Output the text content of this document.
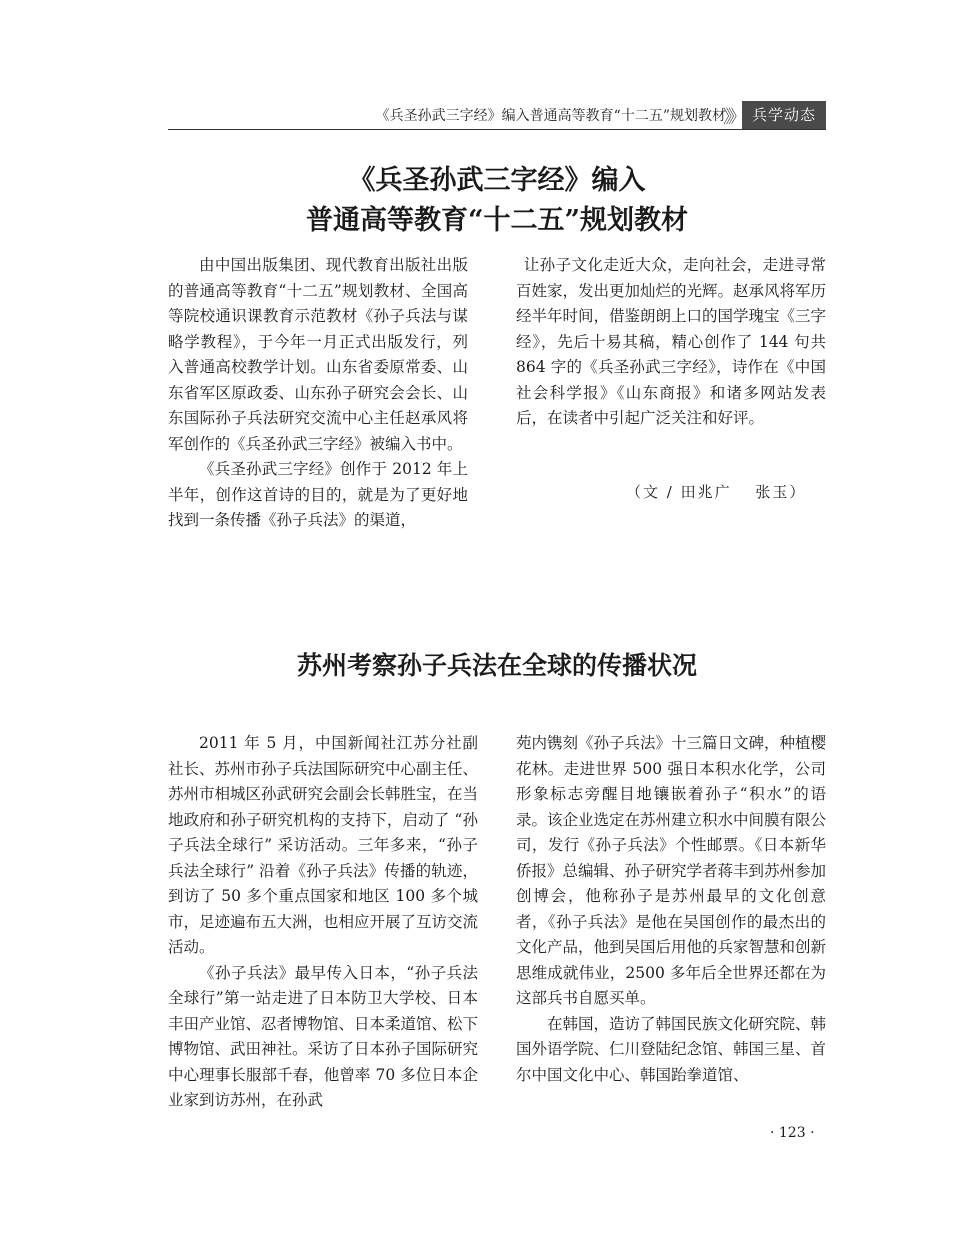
《兵圣孙武三字经》编入普通高等教育“十二五”规划教材
》》 兵学动态
《兵圣孙武三字经》编入
普通高等教育“十二五”规划教材

由中国出版集团、现代教育出版社出版的普通高等教育“十二五”规划教材、全国高等院校通识课教育示范教材《孙子兵法与谋略学教程》，于今年一月正式出版发行，列入普通高校教学计划。山东省委原常委、山东省军区原政委、山东孙子研究会会长、山东国际孙子兵法研究交流中心主任赵承风将军创作的《兵圣孙武三字经》被编入书中。

《兵圣孙武三字经》创作于 2012 年上半年，创作这首诗的目的，就是为了更好地找到一条传播《孙子兵法》的渠道，

让孙子文化走近大众，走向社会，走进寻常百姓家，发出更加灿烂的光辉。赵承风将军历经半年时间，借鉴朗朗上口的国学瑰宝《三字经》，先后十易其稿，精心创作了 144 句共 864 字的《兵圣孙武三字经》，诗作在《中国社会科学报》《山东商报》和诸多网站发表后，在读者中引起广泛关注和好评。

（文 / 田兆广　 张玉）
苏州考察孙子兵法在全球的传播状况

2011 年 5 月，中国新闻社江苏分社副社长、苏州市孙子兵法国际研究中心副主任、苏州市相城区孙武研究会副会长韩胜宝，在当地政府和孙子研究机构的支持下，启动了 “孙子兵法全球行” 采访活动。三年多来，“孙子兵法全球行” 沿着《孙子兵法》传播的轨迹，到访了 50 多个重点国家和地区 100 多个城市，足迹遍布五大洲，也相应开展了互访交流活动。

《孙子兵法》最早传入日本，“孙子兵法全球行”第一站走进了日本防卫大学校、日本丰田产业馆、忍者博物馆、日本柔道馆、松下博物馆、武田神社。采访了日本孙子国际研究中心理事长服部千春，他曾率 70 多位日本企业家到访苏州，在孙武

苑内镌刻《孙子兵法》十三篇日文碑，种植樱花林。走进世界 500 强日本积水化学，公司形象标志旁醒目地镶嵌着孙子“积水”的语录。该企业选定在苏州建立积水中间膜有限公司，发行《孙子兵法》个性邮票。《日本新华侨报》总编辑、孙子研究学者蒋丰到苏州参加创博会，他称孙子是苏州最早的文化创意者，《孙子兵法》是他在吴国创作的最杰出的文化产品，他到吴国后用他的兵家智慧和创新思维成就伟业，2500 多年后全世界还都在为这部兵书自愿买单。

在韩国，造访了韩国民族文化研究院、韩国外语学院、仁川登陆纪念馆、韩国三星、首尔中国文化中心、韩国跆拳道馆、

· 123 ·
